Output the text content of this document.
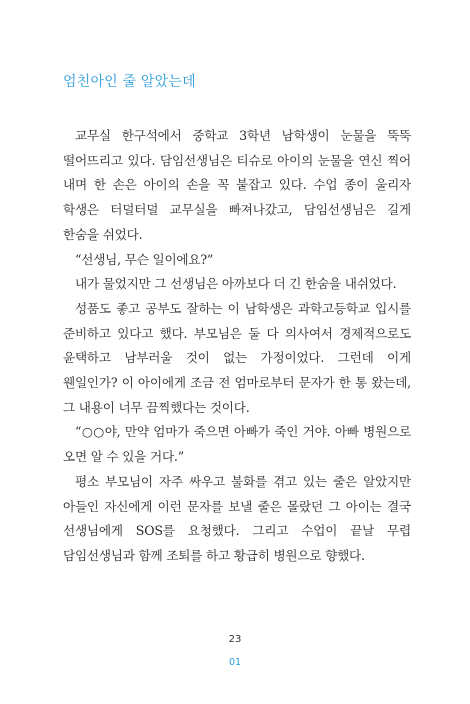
엄친아인 줄 알았는데

교무실 한구석에서 중학교 3학년 남학생이 눈물을 뚝뚝 떨어뜨리고 있다. 담임선생님은 티슈로 아이의 눈물을 연신 찍어 내며 한 손은 아이의 손을 꼭 붙잡고 있다. 수업 종이 울리자 학생은 터덜터덜 교무실을 빠져나갔고, 담임선생님은 길게 한숨을 쉬었다.

“선생님, 무슨 일이에요?”

내가 물었지만 그 선생님은 아까보다 더 긴 한숨을 내쉬었다.

성품도 좋고 공부도 잘하는 이 남학생은 과학고등학교 입시를 준비하고 있다고 했다. 부모님은 둘 다 의사여서 경제적으로도 윤택하고 남부러울 것이 없는 가정이었다. 그런데 이게 웬일인가? 이 아이에게 조금 전 엄마로부터 문자가 한 통 왔는데, 그 내용이 너무 끔찍했다는 것이다.

“○○야, 만약 엄마가 죽으면 아빠가 죽인 거야. 아빠 병원으로 오면 알 수 있을 거다.”

평소 부모님이 자주 싸우고 불화를 겪고 있는 줄은 알았지만 아들인 자신에게 이런 문자를 보낼 줄은 몰랐던 그 아이는 결국 선생님에게 SOS를 요청했다. 그리고 수업이 끝날 무렵 담임선생님과 함께 조퇴를 하고 황급히 병원으로 향했다.

23
01
